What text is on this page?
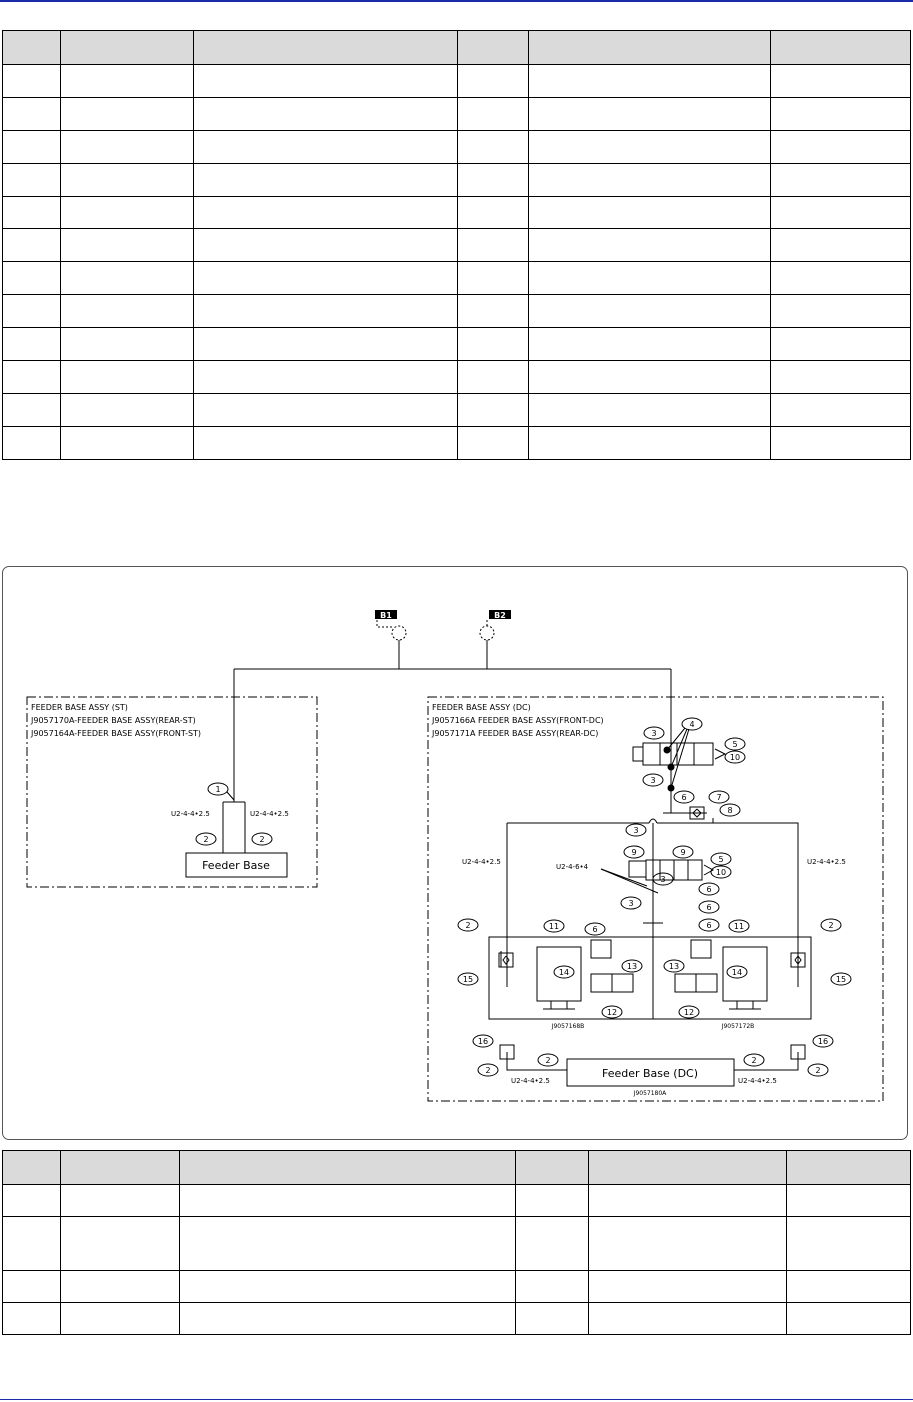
B1	B2
FEEDER BASE ASSY (ST)
J9057170A-FEEDER BASE ASSY(REAR-ST)
J9057164A-FEEDER BASE ASSY(FRONT-ST)
1
U2-4-4•2.5	U2-4-4•2.5
2	2
Feeder Base
FEEDER BASE ASSY (DC)
J9057166A FEEDER BASE ASSY(FRONT-DC)
J9057171A FEEDER BASE ASSY(REAR-DC)	3
4
5
10
3
6	7
8
U2-4-4•2.5	U2-4-4•2.5
U2-4-6•4
3
9	9
5
10
3
3
6
6
2
15
11	6
13
14
12
J9057168B
2
15
11
6
13
14
12
J9057172B
Feeder Base (DC)
J9057180A
16	16
2
2	2
2
U2-4-4•2.5	U2-4-4•2.5
